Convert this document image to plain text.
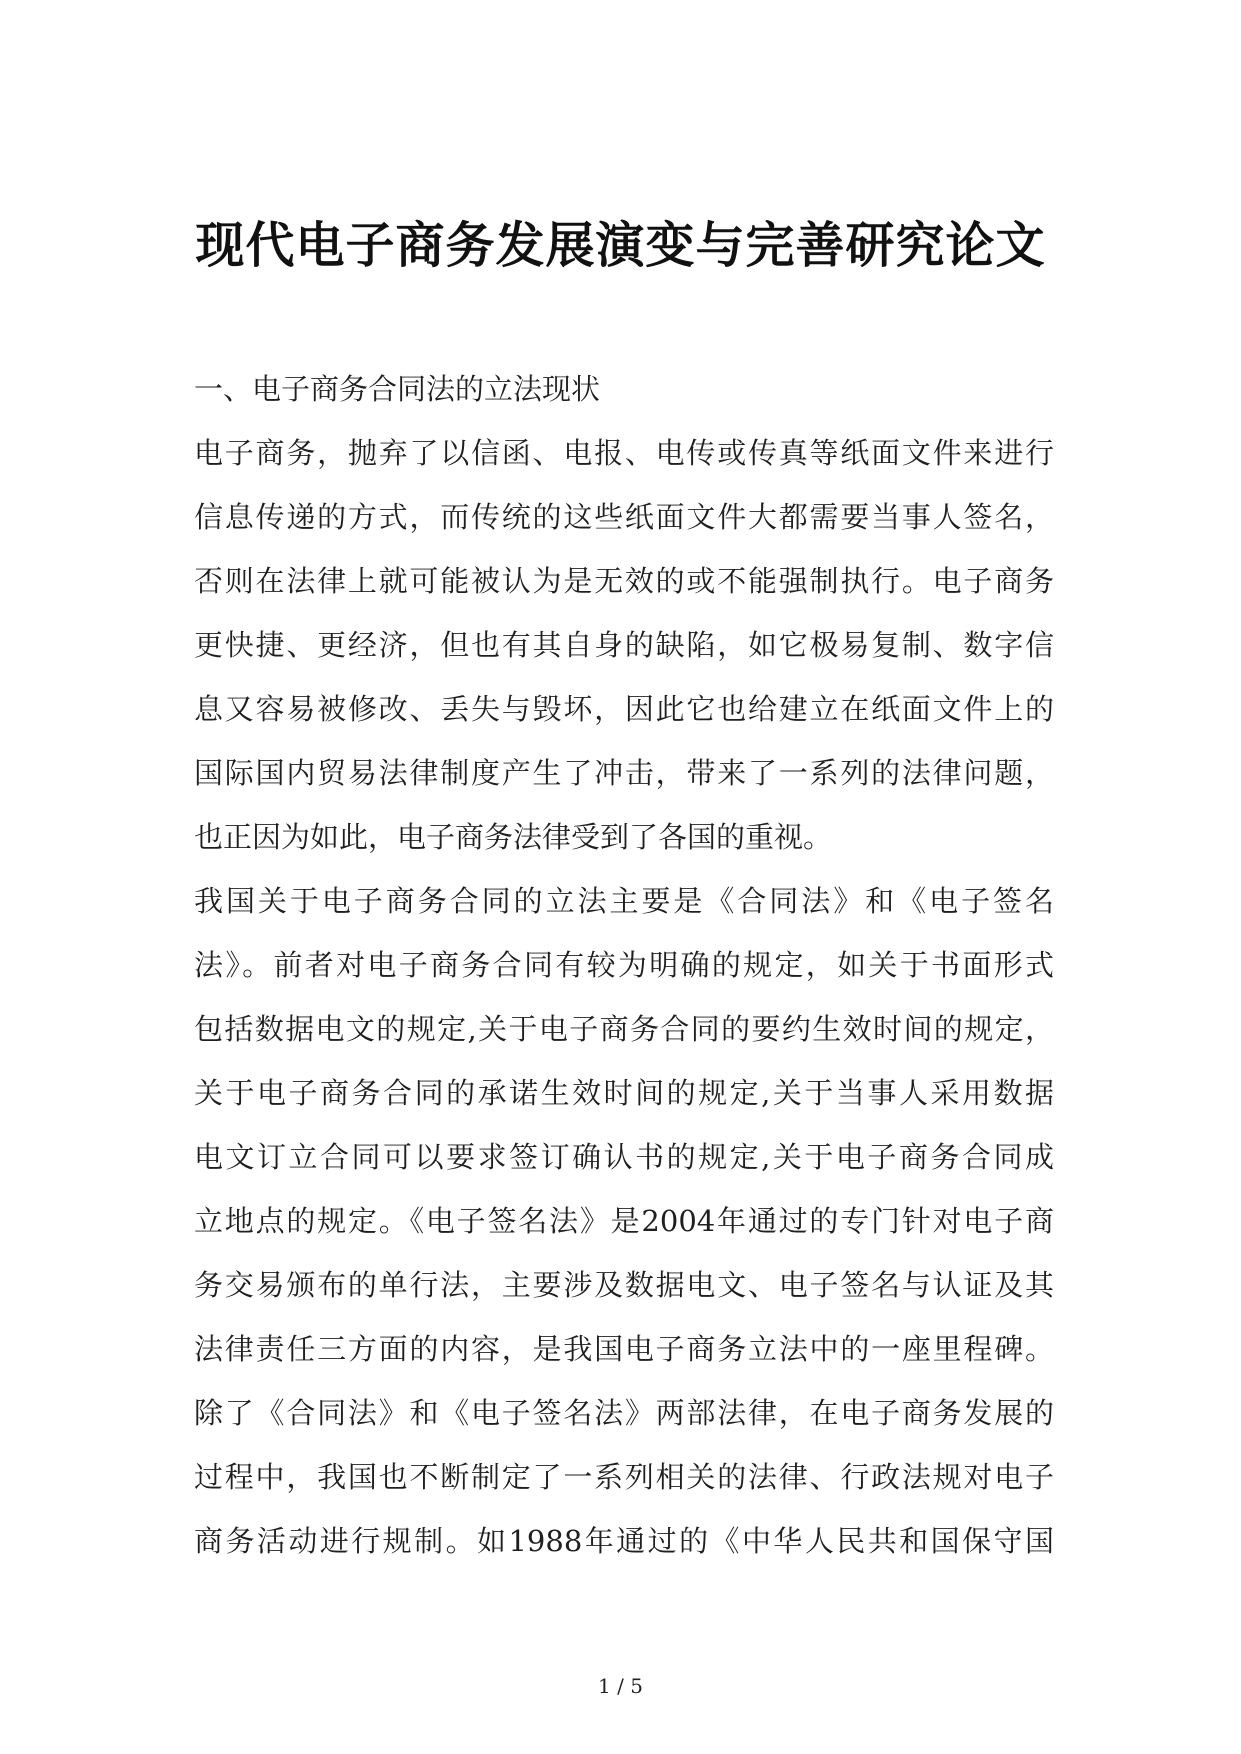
现代电子商务发展演变与完善研究论文
一、电子商务合同法的立法现状
电子商务，抛弃了以信函、电报、电传或传真等纸面文件来进行
信息传递的方式，而传统的这些纸面文件大都需要当事人签名，
否则在法律上就可能被认为是无效的或不能强制执行。电子商务
更快捷、更经济，但也有其自身的缺陷，如它极易复制、数字信
息又容易被修改、丢失与毁坏，因此它也给建立在纸面文件上的
国际国内贸易法律制度产生了冲击，带来了一系列的法律问题，
也正因为如此，电子商务法律受到了各国的重视。
我国关于电子商务合同的立法主要是《合同法》和《电子签名
法》。前者对电子商务合同有较为明确的规定，如关于书面形式
包括数据电文的规定,关于电子商务合同的要约生效时间的规定，
关于电子商务合同的承诺生效时间的规定,关于当事人采用数据
电文订立合同可以要求签订确认书的规定,关于电子商务合同成
立地点的规定。《电子签名法》是2004年通过的专门针对电子商
务交易颁布的单行法，主要涉及数据电文、电子签名与认证及其
法律责任三方面的内容，是我国电子商务立法中的一座里程碑。
除了《合同法》和《电子签名法》两部法律，在电子商务发展的
过程中，我国也不断制定了一系列相关的法律、行政法规对电子
商务活动进行规制。如1988年通过的《中华人民共和国保守国
1 / 5
